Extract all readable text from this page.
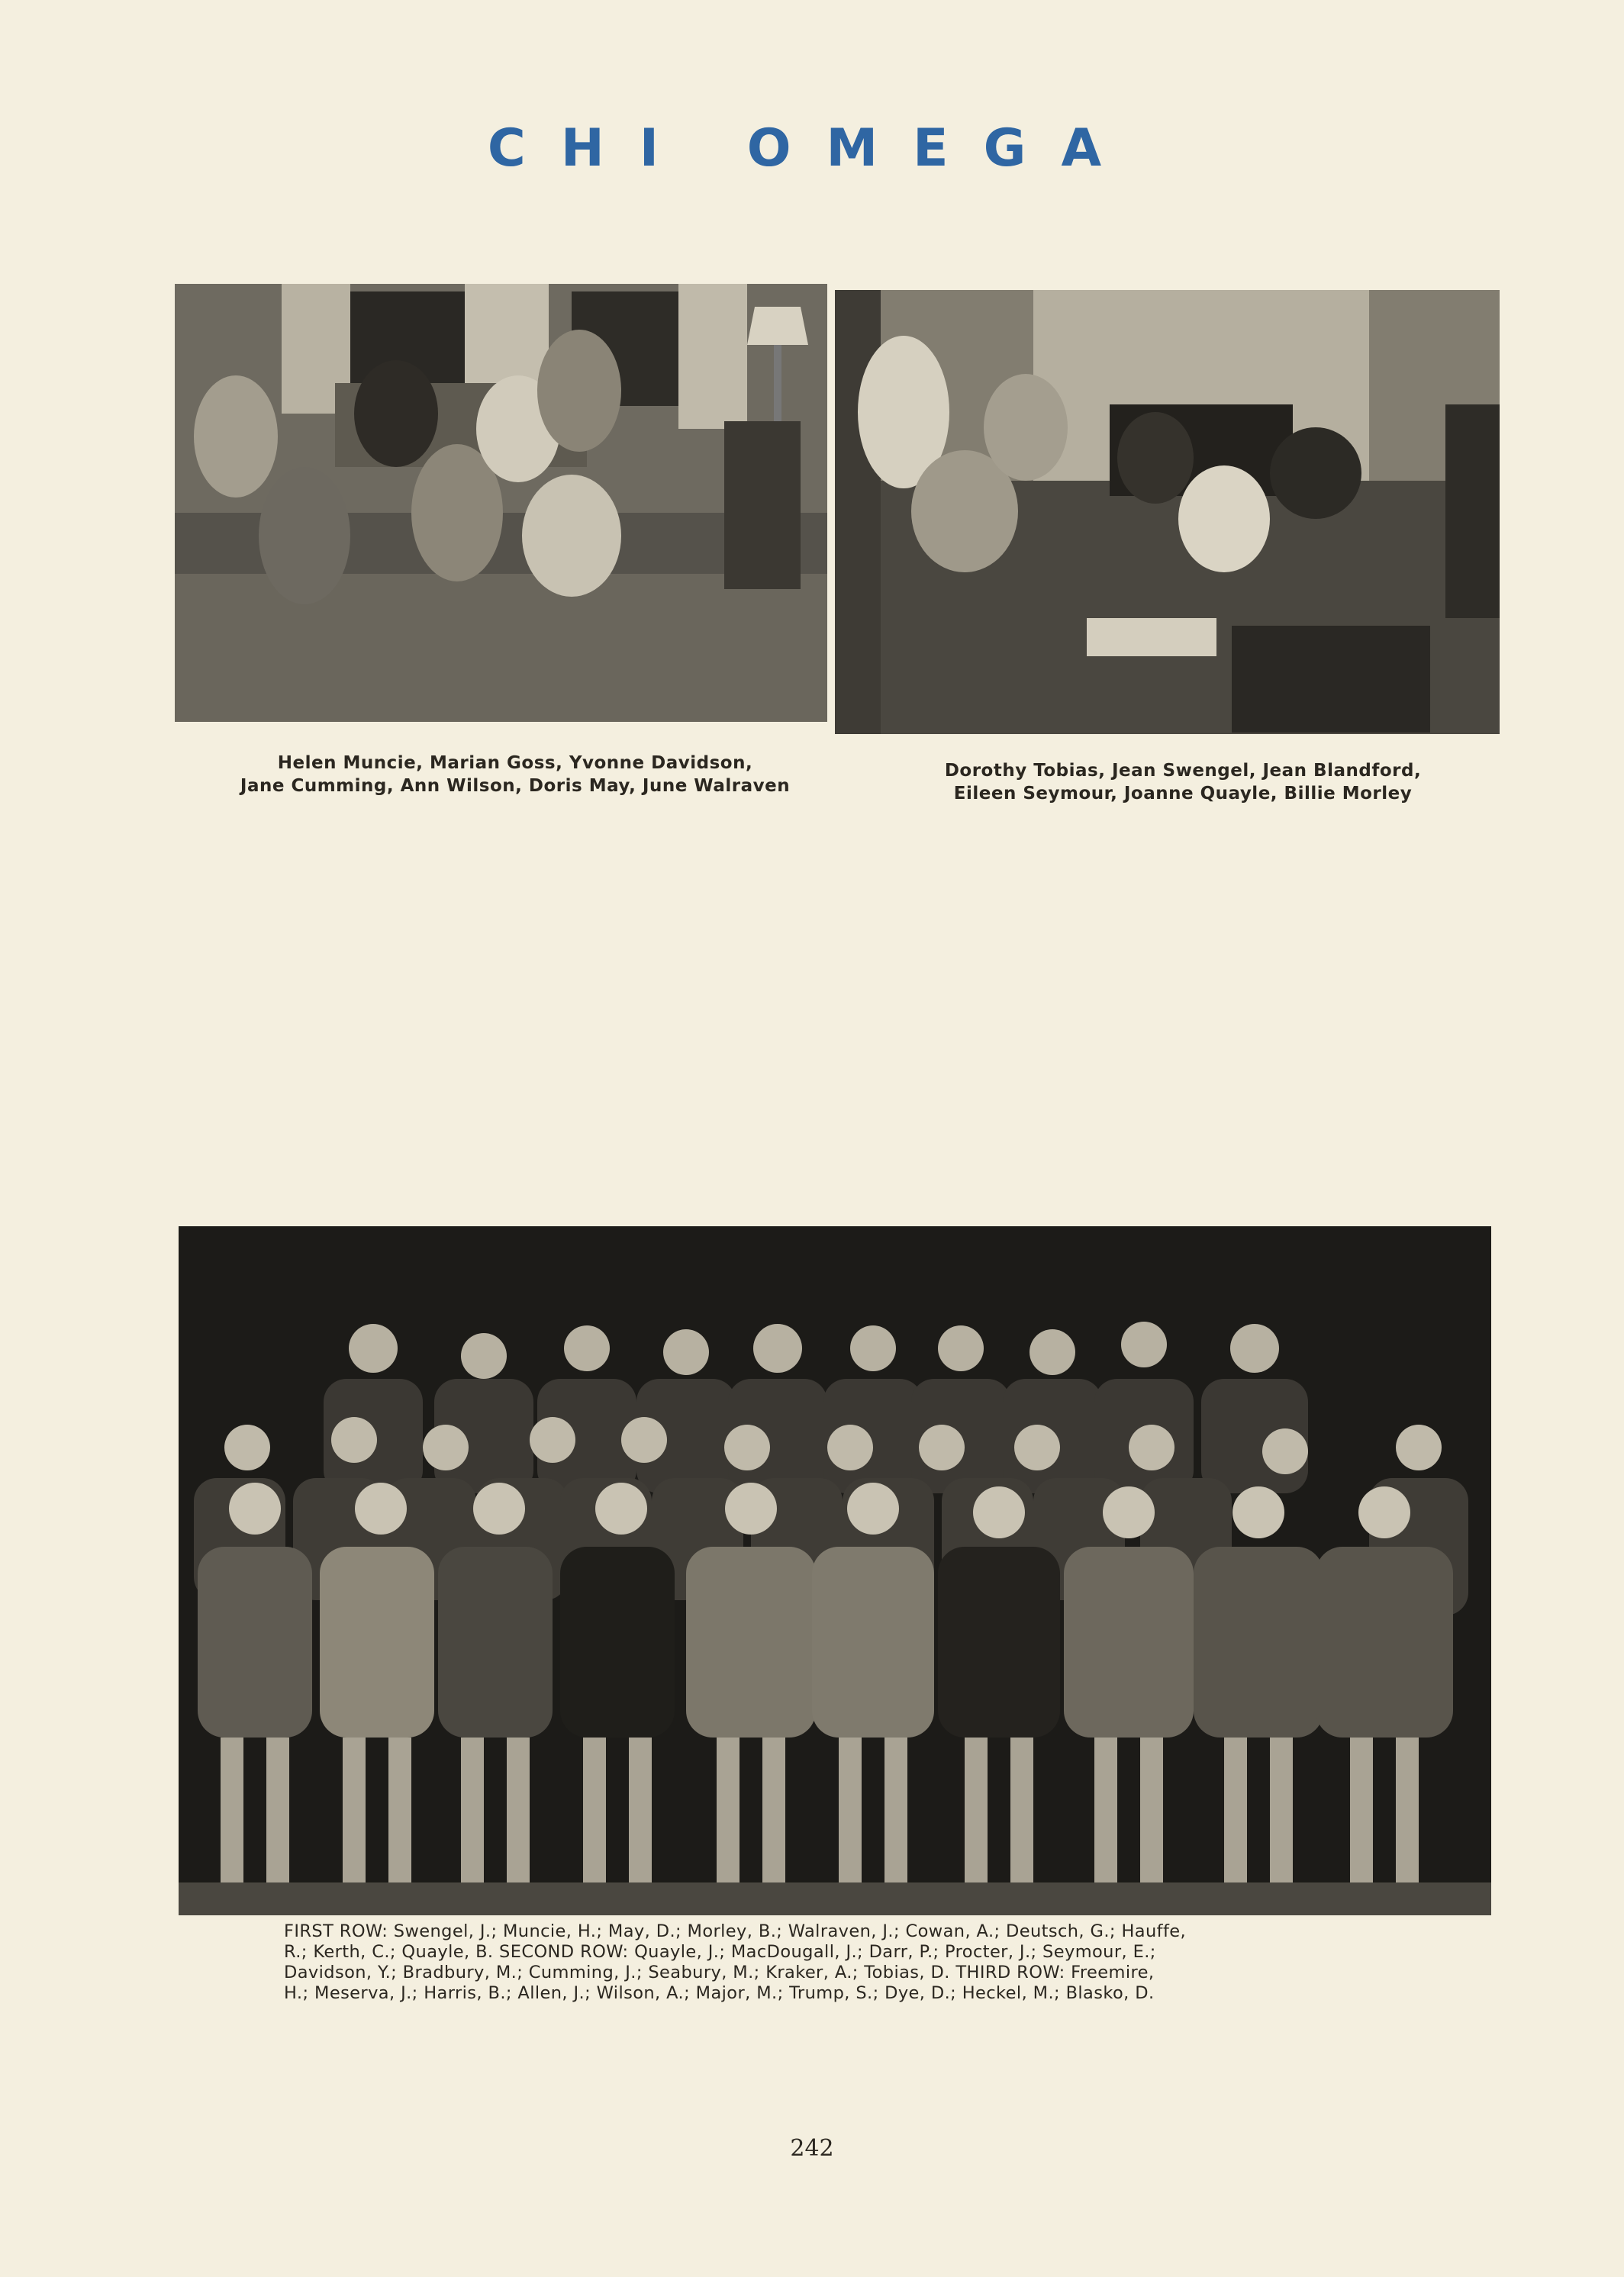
CHI OMEGA
Helen Muncie, Marian Goss, Yvonne Davidson,
Jane Cumming, Ann Wilson, Doris May, June Walraven
Dorothy Tobias, Jean Swengel, Jean Blandford,
Eileen Seymour, Joanne Quayle, Billie Morley
FIRST ROW: Swengel, J.; Muncie, H.; May, D.; Morley, B.; Walraven, J.; Cowan, A.; Deutsch, G.; Hauffe,
R.; Kerth, C.; Quayle, B. SECOND ROW: Quayle, J.; MacDougall, J.; Darr, P.; Procter, J.; Seymour, E.;
Davidson, Y.; Bradbury, M.; Cumming, J.; Seabury, M.; Kraker, A.; Tobias, D. THIRD ROW: Freemire,
H.; Meserva, J.; Harris, B.; Allen, J.; Wilson, A.; Major, M.; Trump, S.; Dye, D.; Heckel, M.; Blasko, D.
242
